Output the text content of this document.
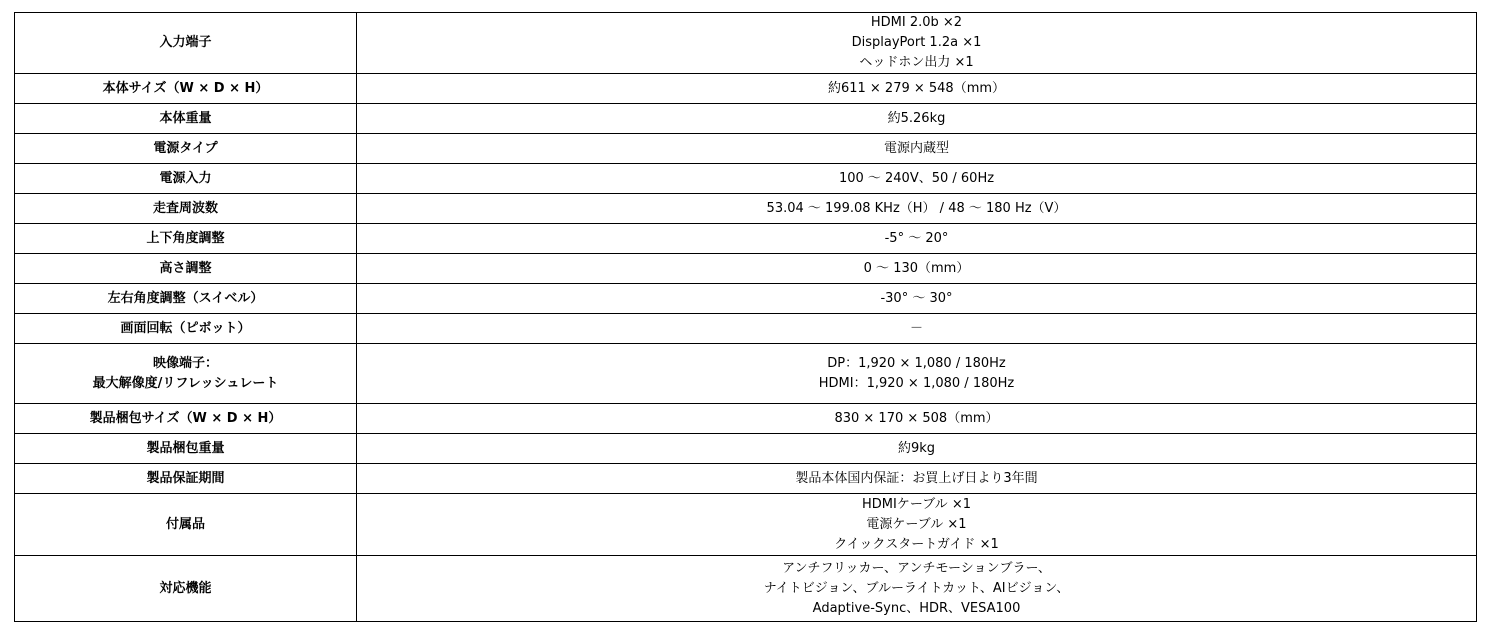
入力端子	HDMI 2.0b ×2
DisplayPort 1.2a ×1
ヘッドホン出力 ×1

本体サイズ（W × D × H）	約611 × 279 × 548（mm）

本体重量	約5.26kg

電源タイプ	電源内蔵型

電源入力	100 ～ 240V、50 / 60Hz

走査周波数	53.04 ～ 199.08 KHz（H） / 48 ～ 180 Hz（V）

上下角度調整	-5° ～ 20°

高さ調整	0 ～ 130（mm）

左右角度調整（スイベル）	-30° ～ 30°

画面回転（ピボット）	－

映像端子：
最大解像度/リフレッシュレート	DP：1,920 × 1,080 / 180Hz
HDMI：1,920 × 1,080 / 180Hz

製品梱包サイズ（W × D × H）	830 × 170 × 508（mm）

製品梱包重量	約9kg

製品保証期間	製品本体国内保証：お買上げ日より3年間

付属品	HDMIケーブル ×1
電源ケーブル ×1
クイックスタートガイド ×1

対応機能	アンチフリッカー、アンチモーションブラー、
ナイトビジョン、ブルーライトカット、AIビジョン、
Adaptive-Sync、HDR、VESA100
